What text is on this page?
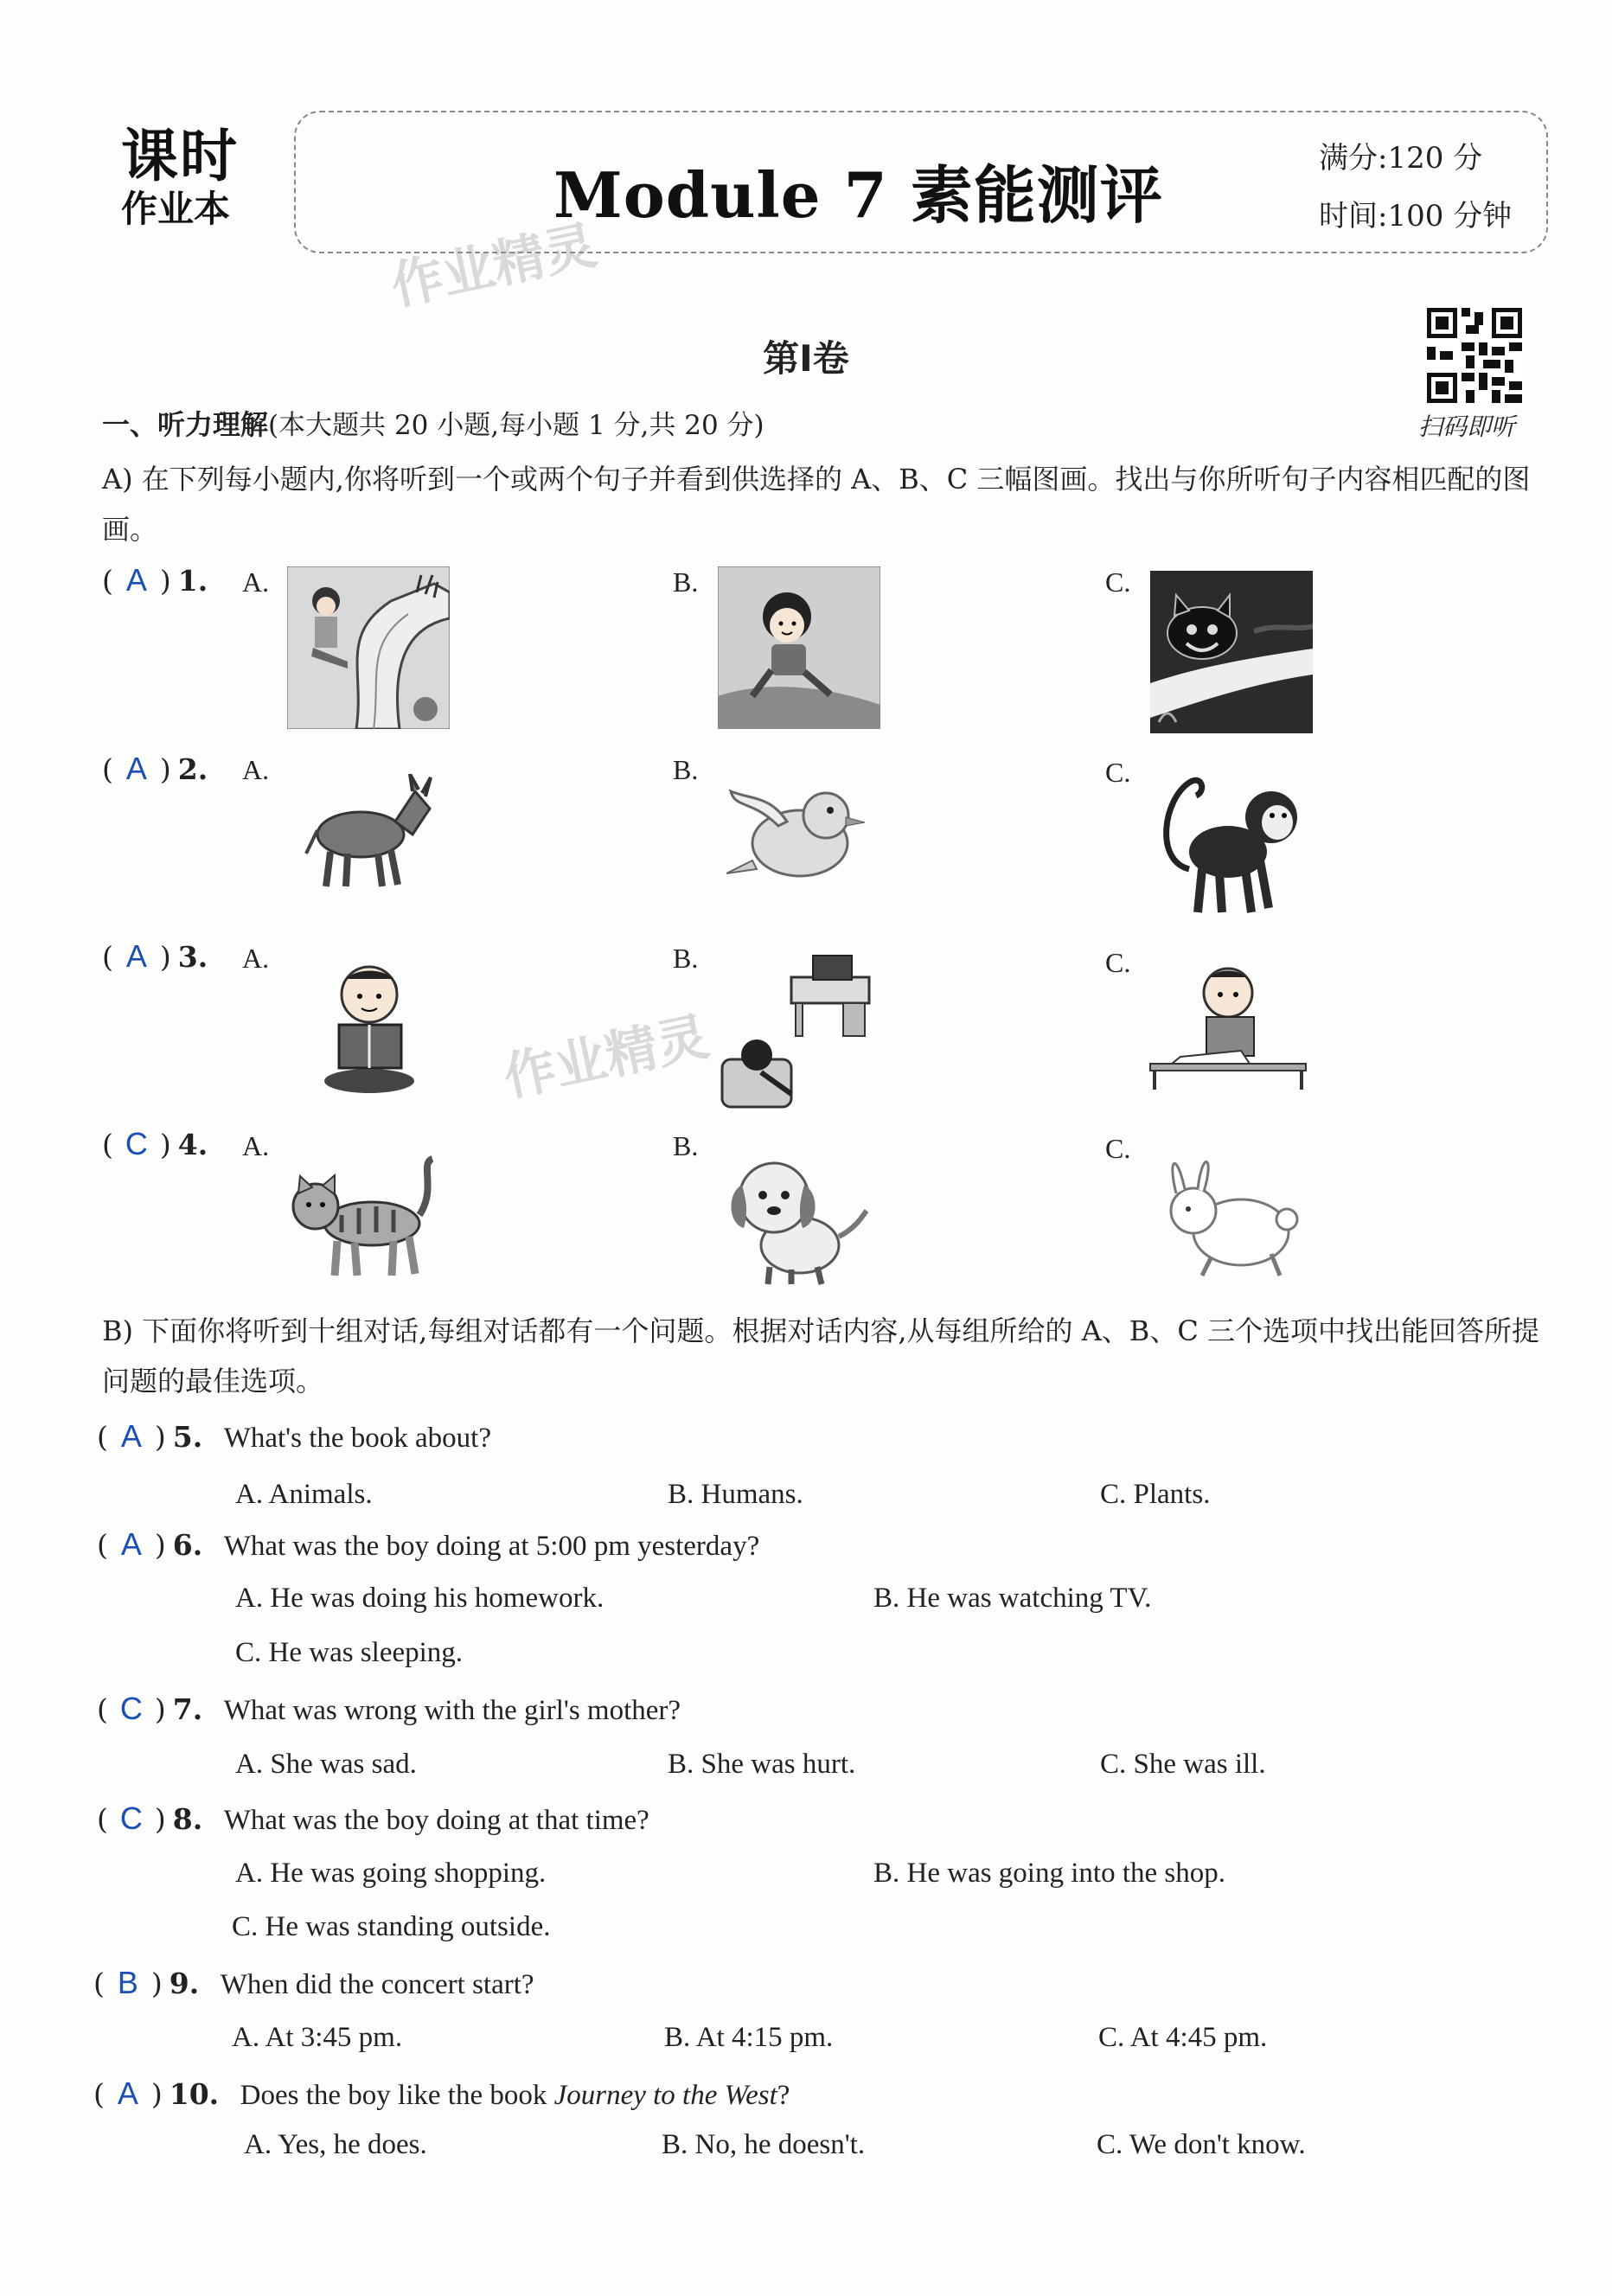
课时
作业本	Module 7 素能测评	满分:120 分
时间:100 分钟
作业精灵
第Ⅰ卷
扫码即听
一、听力理解(本大题共 20 小题,每小题 1 分,共 20 分)
A) 在下列每小题内,你将听到一个或两个句子并看到供选择的 A、B、C 三幅图画。找出与你所听句子内容相匹配的图画。
( A ) 1. A.	B.	C.
( A ) 2. A.	B.	C.
( A ) 3. A.	B.	C.
( C ) 4. A.	B.	C.
作业精灵
B) 下面你将听到十组对话,每组对话都有一个问题。根据对话内容,从每组所给的 A、B、C 三个选项中找出能回答所提问题的最佳选项。
( A ) 5. What's the book about?
A. Animals.	B. Humans.	C. Plants.
( A ) 6. What was the boy doing at 5:00 pm yesterday?
A. He was doing his homework.	B. He was watching TV.
C. He was sleeping.
( C ) 7. What was wrong with the girl's mother?
A. She was sad.	B. She was hurt.	C. She was ill.
( C ) 8. What was the boy doing at that time?
A. He was going shopping.	B. He was going into the shop.
C. He was standing outside.
( B ) 9. When did the concert start?
A. At 3:45 pm.	B. At 4:15 pm.	C. At 4:45 pm.
( A ) 10. Does the boy like the book Journey to the West?
A. Yes, he does.	B. No, he doesn't.	C. We don't know.
